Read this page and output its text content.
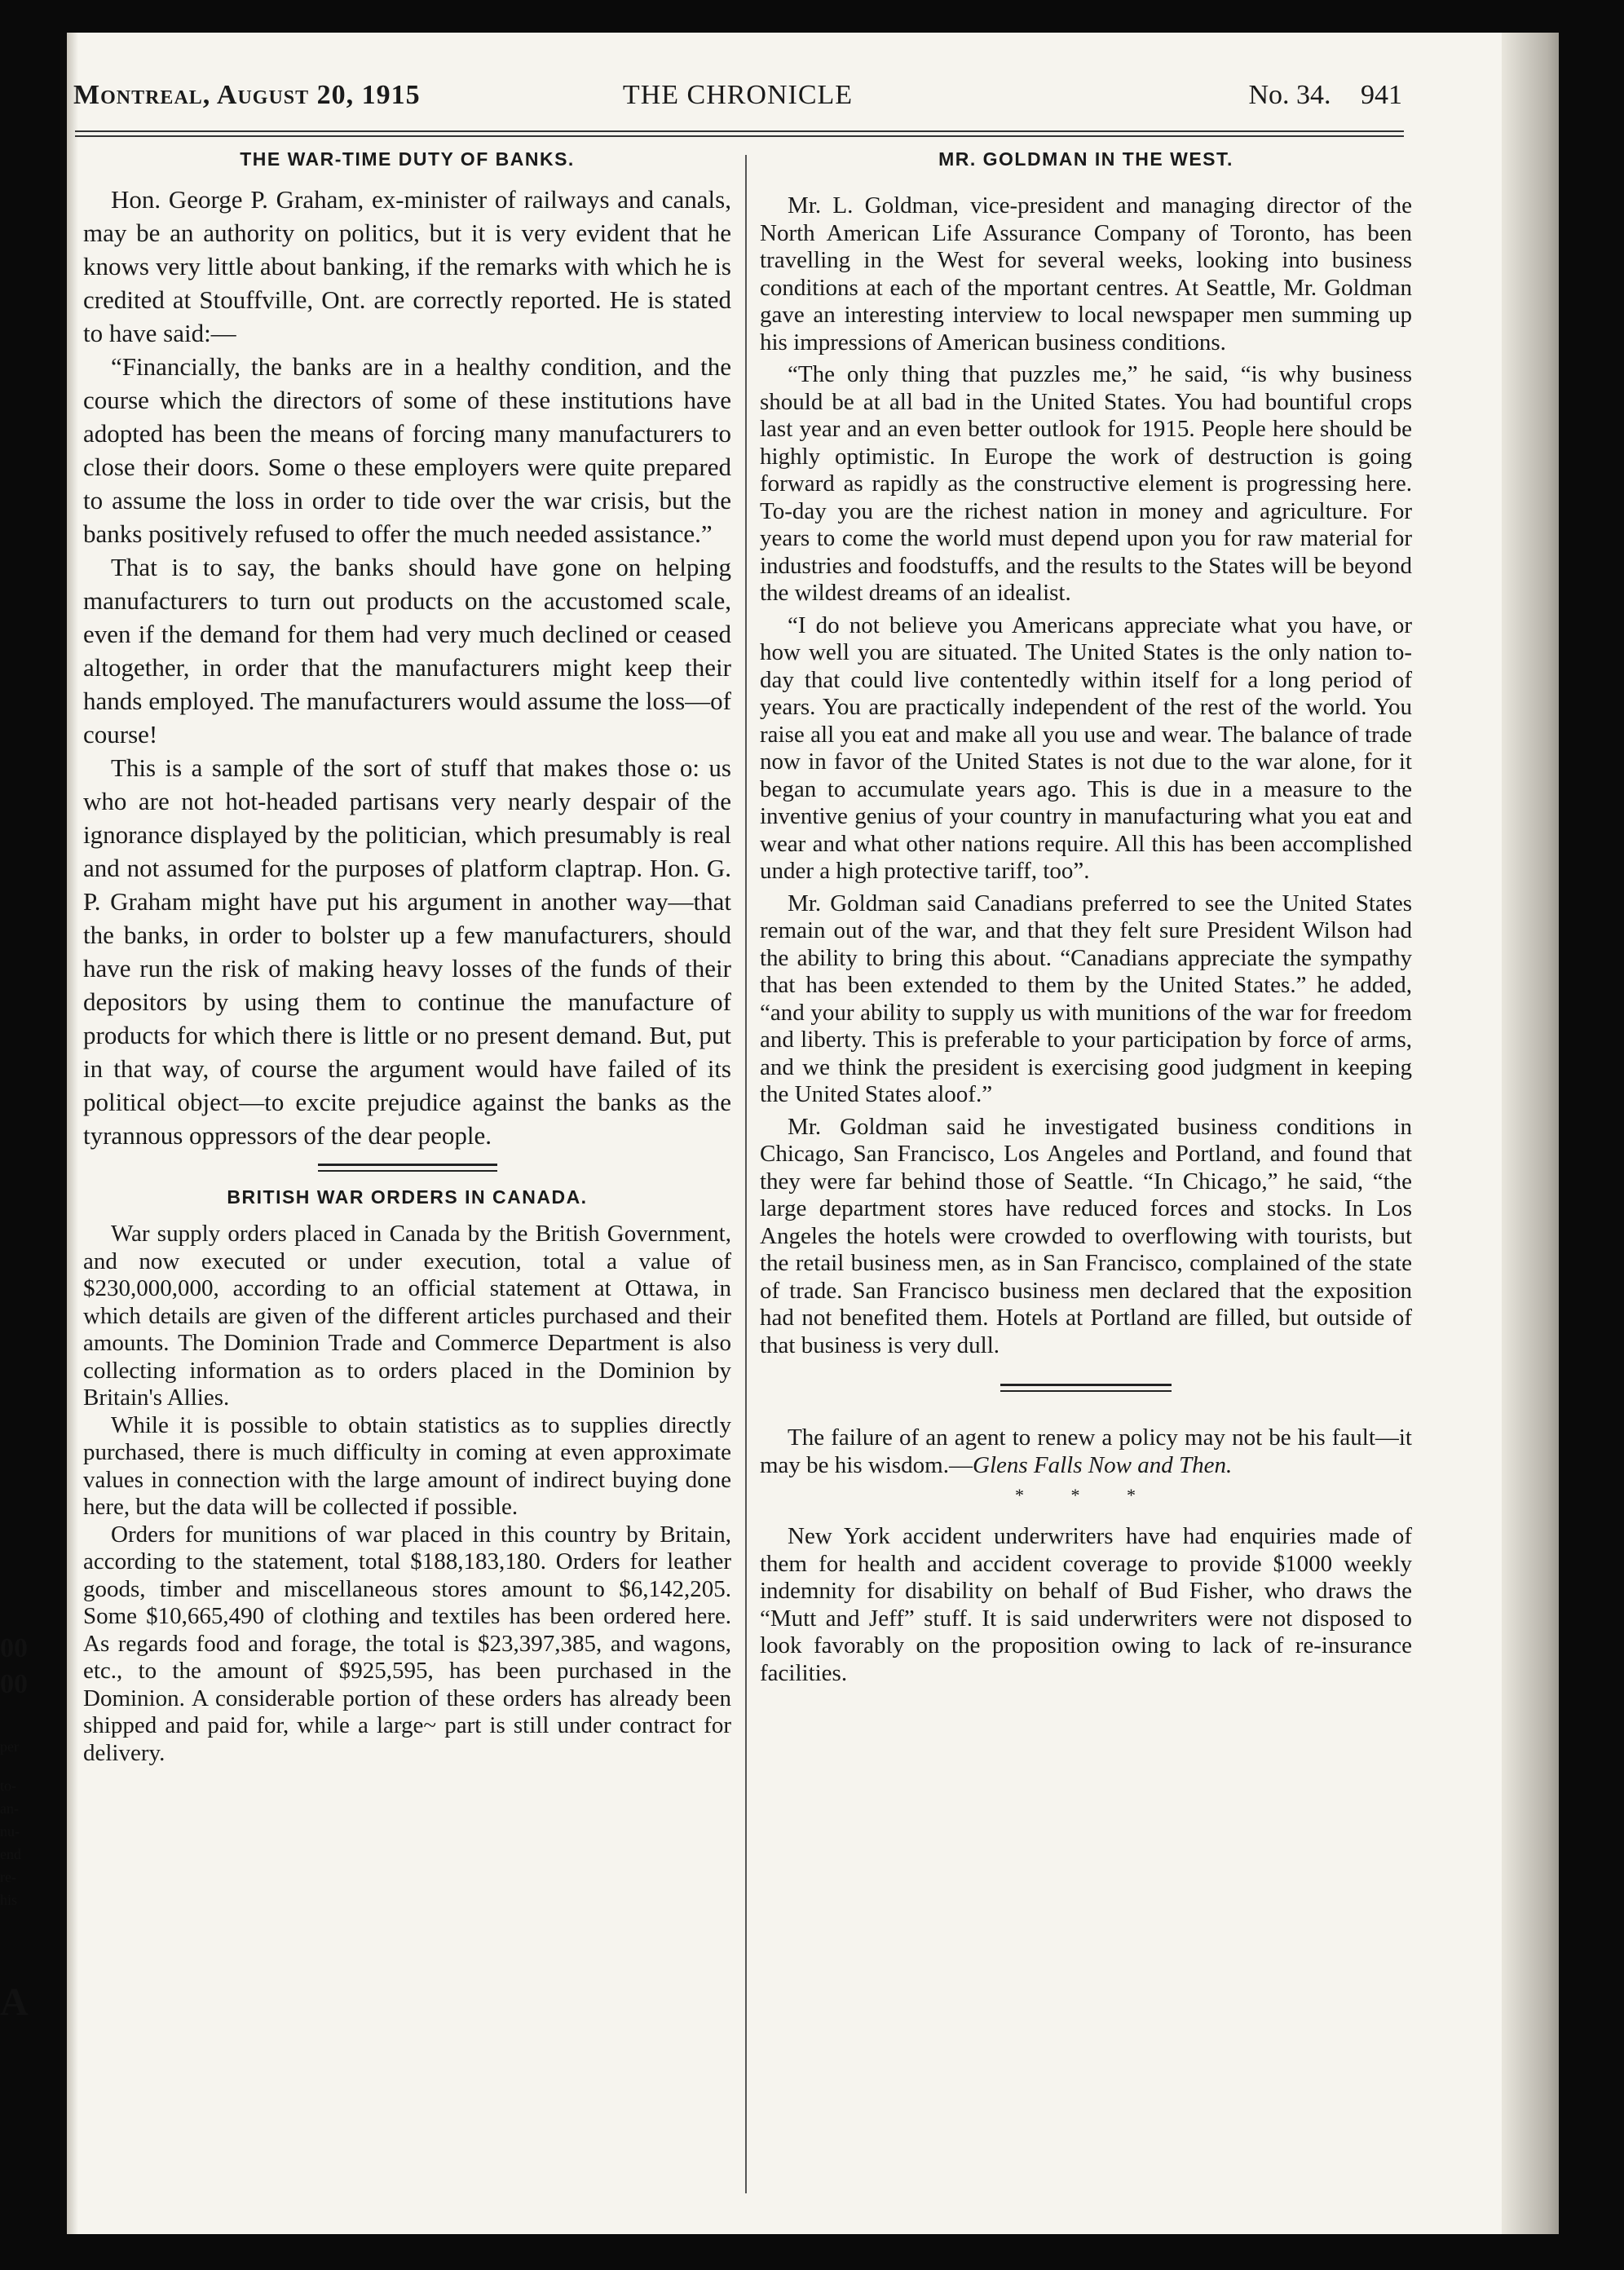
Montreal, August 20, 1915	THE CHRONICLE	No. 34. 941
THE WAR-TIME DUTY OF BANKS.

Hon. George P. Graham, ex-minister of railways and canals, may be an authority on politics, but it is very evident that he knows very little about banking, if the remarks with which he is credited at Stouffville, Ont. are correctly reported. He is stated to have said:—

“Financially, the banks are in a healthy condition, and the course which the directors of some of these institutions have adopted has been the means of forcing many manufacturers to close their doors. Some o these employers were quite prepared to assume the loss in order to tide over the war crisis, but the banks positively refused to offer the much needed assistance.”

That is to say, the banks should have gone on helping manufacturers to turn out products on the accustomed scale, even if the demand for them had very much declined or ceased altogether, in order that the manufacturers might keep their hands employed. The manufacturers would assume the loss—of course!

This is a sample of the sort of stuff that makes those o: us who are not hot-headed partisans very nearly despair of the ignorance displayed by the politician, which presumably is real and not assumed for the purposes of platform claptrap. Hon. G. P. Graham might have put his argument in another way—that the banks, in order to bolster up a few manufacturers, should have run the risk of making heavy losses of the funds of their depositors by using them to continue the manufacture of products for which there is little or no present demand. But, put in that way, of course the argument would have failed of its political object—to excite prejudice against the banks as the tyrannous oppressors of the dear people.

BRITISH WAR ORDERS IN CANADA.

War supply orders placed in Canada by the British Government, and now executed or under execution, total a value of $230,000,000, according to an official statement at Ottawa, in which details are given of the different articles purchased and their amounts. The Dominion Trade and Commerce Department is also collecting information as to orders placed in the Dominion by Britain's Allies.

While it is possible to obtain statistics as to supplies directly purchased, there is much difficulty in coming at even approximate values in connection with the large amount of indirect buying done here, but the data will be collected if possible.

Orders for munitions of war placed in this country by Britain, according to the statement, total $188,183,180. Orders for leather goods, timber and miscellaneous stores amount to $6,142,205. Some $10,665,490 of clothing and textiles has been ordered here. As regards food and forage, the total is $23,397,385, and wagons, etc., to the amount of $925,595, has been purchased in the Dominion. A considerable portion of these orders has already been shipped and paid for, while a large~ part is still under contract for delivery.

MR. GOLDMAN IN THE WEST.

Mr. L. Goldman, vice-president and managing director of the North American Life Assurance Company of Toronto, has been travelling in the West for several weeks, looking into business conditions at each of the mportant centres. At Seattle, Mr. Goldman gave an interesting interview to local newspaper men summing up his impressions of American business conditions.

“The only thing that puzzles me,” he said, “is why business should be at all bad in the United States. You had bountiful crops last year and an even better outlook for 1915. People here should be highly optimistic. In Europe the work of destruction is going forward as rapidly as the constructive element is progressing here. To-day you are the richest nation in money and agriculture. For years to come the world must depend upon you for raw material for industries and foodstuffs, and the results to the States will be beyond the wildest dreams of an idealist.

“I do not believe you Americans appreciate what you have, or how well you are situated. The United States is the only nation to-day that could live contentedly within itself for a long period of years. You are practically independent of the rest of the world. You raise all you eat and make all you use and wear. The balance of trade now in favor of the United States is not due to the war alone, for it began to accumulate years ago. This is due in a measure to the inventive genius of your country in manufacturing what you eat and wear and what other nations require. All this has been accomplished under a high protective tariff, too”.

Mr. Goldman said Canadians preferred to see the United States remain out of the war, and that they felt sure President Wilson had the ability to bring this about. “Canadians appreciate the sympathy that has been extended to them by the United States.” he added, “and your ability to supply us with munitions of the war for freedom and liberty. This is preferable to your participation by force of arms, and we think the president is exercising good judgment in keeping the United States aloof.”

Mr. Goldman said he investigated business conditions in Chicago, San Francisco, Los Angeles and Portland, and found that they were far behind those of Seattle. “In Chicago,” he said, “the large department stores have reduced forces and stocks. In Los Angeles the hotels were crowded to overflowing with tourists, but the retail business men, as in San Francisco, complained of the state of trade. San Francisco business men declared that the exposition had not benefited them. Hotels at Portland are filled, but outside of that business is very dull.

The failure of an agent to renew a policy may not be his fault—it may be his wisdom.—Glens Falls Now and Then.

* * *

New York accident underwriters have had enquiries made of them for health and accident coverage to provide $1000 weekly indemnity for disability on behalf of Bud Fisher, who draws the “Mutt and Jeff” stuff. It is said underwriters were not disposed to look favorably on the proposition owing to lack of re-insurance facilities.

00
00
per
to-
an-
nu-
end
re-
his
A
